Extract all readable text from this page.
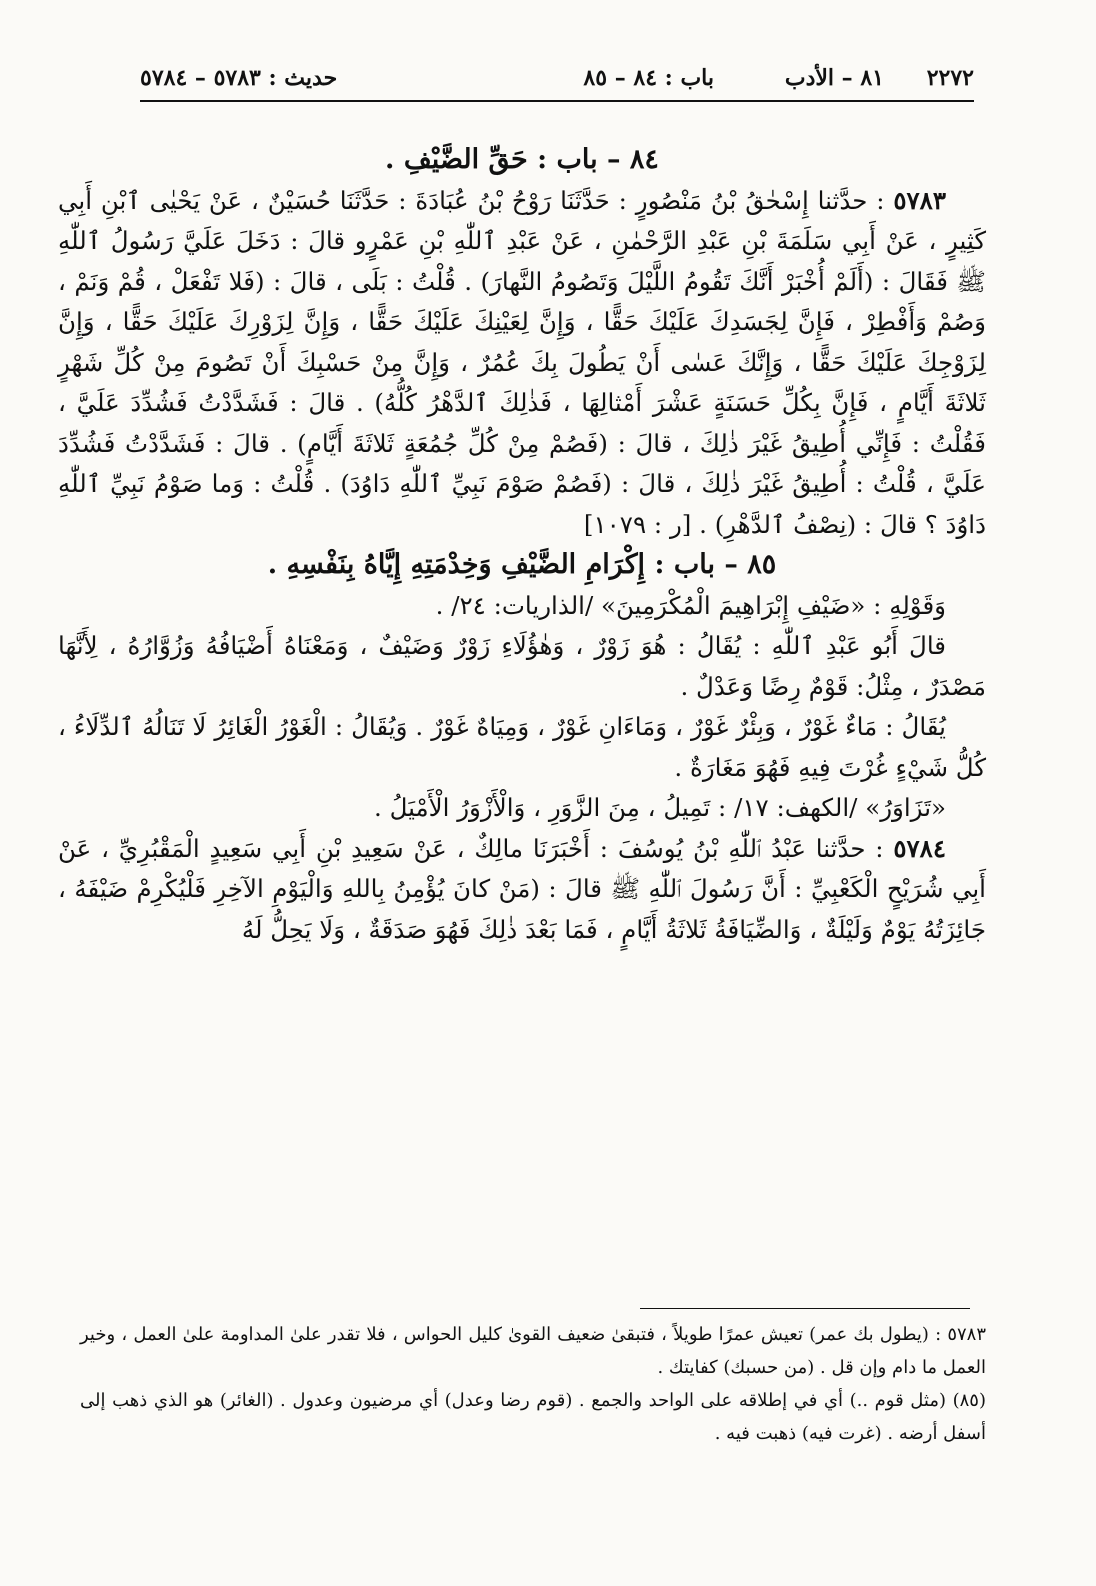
٢٢٧٢
٨١ – الأدب
باب : ٨٤ – ٨٥
حديث : ٥٧٨٣ – ٥٧٨٤

٨٤ – باب : حَقِّ الضَّيْفِ .

٥٧٨٣ : حدَّثنا إِسْحٰقُ بْنُ مَنْصُورٍ : حَدَّثَنَا رَوْحُ بْنُ عُبَادَةَ : حَدَّثَنَا حُسَيْنٌ ، عَنْ يَحْيٰى ٱبْنِ أَبِي كَثِيرٍ ، عَنْ أَبِي سَلَمَةَ بْنِ عَبْدِ الرَّحْمٰنِ ، عَنْ عَبْدِ ٱللّٰهِ بْنِ عَمْرٍو قالَ : دَخَلَ عَلَيَّ رَسُولُ ٱللّٰهِ ﷺ فَقَالَ : (أَلَمْ أُخْبَرْ أَنَّكَ تَقُومُ اللَّيْلَ وَتَصُومُ النَّهارَ) . قُلْتُ : بَلَى ، قالَ : (فَلا تَفْعَلْ ، قُمْ وَنَمْ ، وَصُمْ وَأَفْطِرْ ، فَإِنَّ لِجَسَدِكَ عَلَيْكَ حَقًّا ، وَإِنَّ لِعَيْنِكَ عَلَيْكَ حَقًّا ، وَإِنَّ لِزَوْرِكَ عَلَيْكَ حَقًّا ، وَإِنَّ لِزَوْجِكَ عَلَيْكَ حَقًّا ، وَإِنَّكَ عَسٰى أَنْ يَطُولَ بِكَ عُمُرٌ ، وَإِنَّ مِنْ حَسْبِكَ أَنْ تَصُومَ مِنْ كُلِّ شَهْرٍ ثَلاثَةَ أَيَّامٍ ، فَإِنَّ بِكُلِّ حَسَنَةٍ عَشْرَ أَمْثالِهَا ، فَذٰلِكَ ٱلدَّهْرُ كُلُّهُ) . قالَ : فَشَدَّدْتُ فَشُدِّدَ عَلَيَّ ، فَقُلْتُ : فَإِنِّي أُطِيقُ غَيْرَ ذٰلِكَ ، قالَ : (فَصُمْ مِنْ كُلِّ جُمُعَةٍ ثَلاثَةَ أَيَّامٍ) . قالَ : فَشَدَّدْتُ فَشُدِّدَ عَلَيَّ ، قُلْتُ : أُطِيقُ غَيْرَ ذٰلِكَ ، قالَ : (فَصُمْ صَوْمَ نَبِيِّ ٱللّٰهِ دَاوُدَ) . قُلْتُ : وَما صَوْمُ نَبِيِّ ٱللّٰهِ دَاوُدَ ؟ قالَ : (نِصْفُ ٱلدَّهْرِ) . [ر : ١٠٧٩]

٨٥ – باب : إِكْرَامِ الضَّيْفِ وَخِدْمَتِهِ إِيَّاهُ بِنَفْسِهِ .

وَقَوْلِهِ : «ضَيْفِ إِبْرَاهِيمَ الْمُكْرَمِينَ» /الذاريات: ٢٤/ .

قالَ أَبُو عَبْدِ ٱللّٰهِ : يُقَالُ : هُوَ زَوْرٌ ، وَهٰؤُلَاءِ زَوْرٌ وَضَيْفٌ ، وَمَعْنَاهُ أَضْيَافُهُ وَزُوَّارُهُ ، لِأَنَّهَا مَصْدَرٌ ، مِثْلُ: قَوْمٌ رِضًا وَعَدْلٌ .

يُقَالُ : مَاءٌ غَوْرٌ ، وَبِئْرٌ غَوْرٌ ، وَمَاءَانِ غَوْرٌ ، وَمِيَاهٌ غَوْرٌ . وَيُقَالُ : الْغَوْرُ الْغَائِرُ لَا تَنَالُهُ ٱلدِّلَاءُ ، كُلُّ شَيْءٍ غُرْتَ فِيهِ فَهُوَ مَغَارَةٌ .

«تَزَاوَرُ» /الكهف: ١٧/ : تَمِيلُ ، مِنَ الزَّوَرِ ، وَالْأَزْوَرُ الْأَمْيَلُ .

٥٧٨٤ : حدَّثنا عَبْدُ ٱللّٰهِ بْنُ يُوسُفَ : أَخْبَرَنَا مالِكٌ ، عَنْ سَعِيدِ بْنِ أَبِي سَعِيدٍ الْمَقْبُرِيِّ ، عَنْ أَبِي شُرَيْحٍ الْكَعْبِيِّ : أَنَّ رَسُولَ ٱللّٰهِ ﷺ قالَ : (مَنْ كانَ يُؤْمِنُ بِاللهِ وَالْيَوْمِ الآخِرِ فَلْيُكْرِمْ ضَيْفَهُ ، جَائِزَتُهُ يَوْمٌ وَلَيْلَةٌ ، وَالضِّيَافَةُ ثَلاثَةُ أَيَّامٍ ، فَمَا بَعْدَ ذٰلِكَ فَهُوَ صَدَقَةٌ ، وَلَا يَحِلُّ لَهُ

٥٧٨٣ : (يطول بك عمر) تعيش عمرًا طويلاً ، فتبقىٰ ضعيف القوىٰ كليل الحواس ، فلا تقدر علىٰ المداومة علىٰ العمل ، وخير العمل ما دام وإن قل . (من حسبك) كفايتك .

(٨٥) (مثل قوم ..) أي في إطلاقه على الواحد والجمع . (قوم رضا وعدل) أي مرضيون وعدول . (الغائر) هو الذي ذهب إلى أسفل أرضه . (غرت فيه) ذهبت فيه .
